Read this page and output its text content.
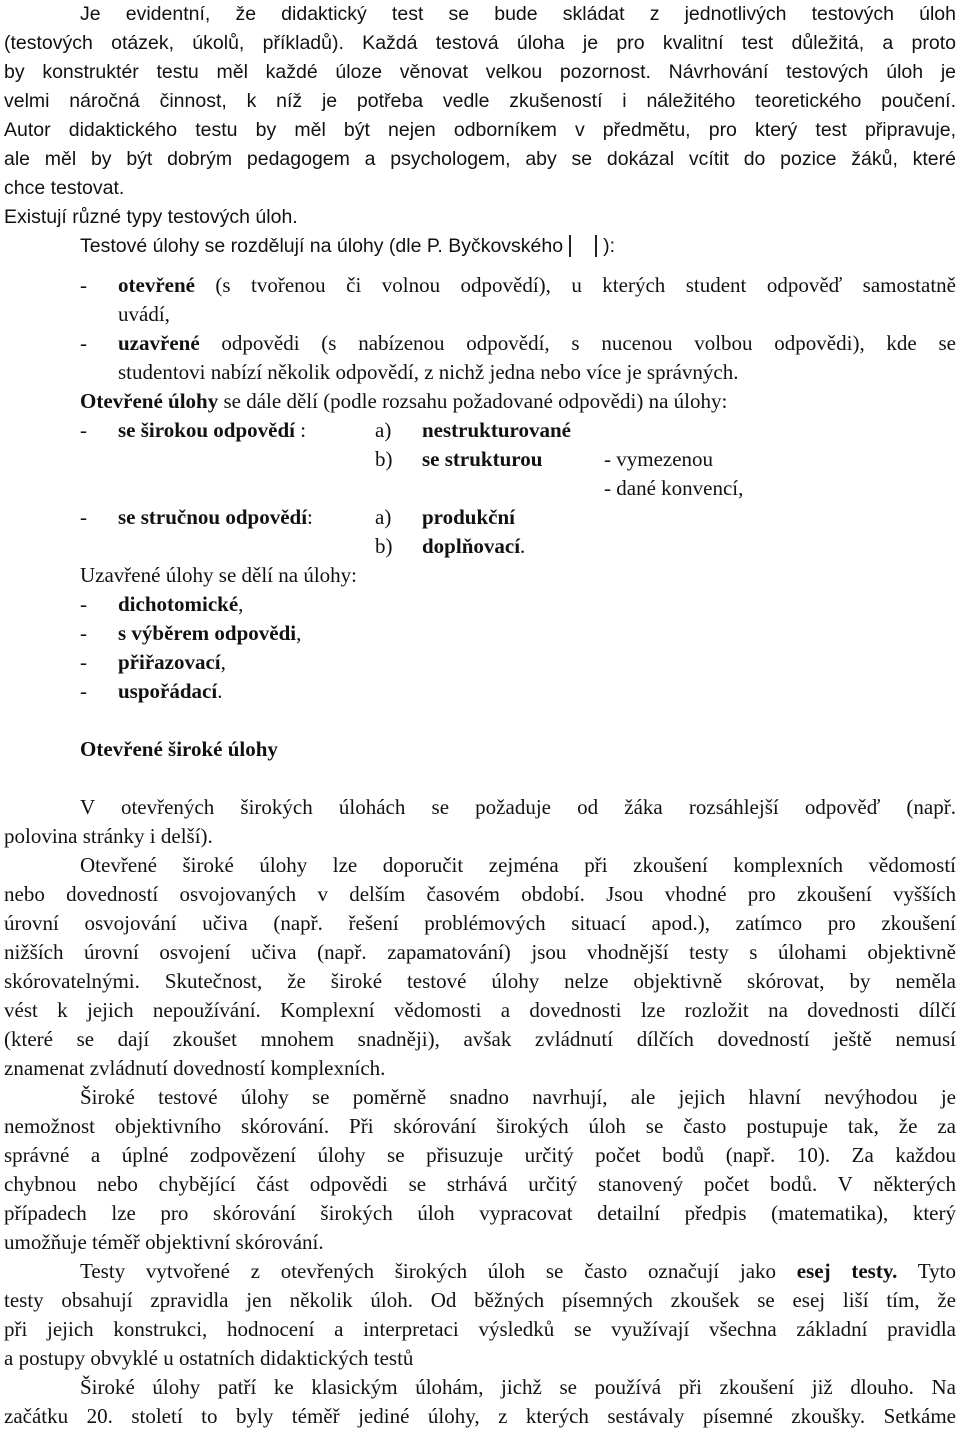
Je evidentní, že didaktický test se bude skládat z jednotlivých testových úloh
(testových otázek, úkolů, příkladů). Každá testová úloha je pro kvalitní test důležitá, a proto
by konstruktér testu měl každé úloze věnovat velkou pozornost. Návrhování testových úloh je
velmi náročná činnost, k níž je potřeba vedle zkušeností i náležitého teoretického poučení.
Autor didaktického testu by měl být nejen odborníkem v předmětu, pro který test připravuje,
ale měl by být dobrým pedagogem a psychologem, aby se dokázal vcítit do pozice žáků, které
chce testovat.
Existují různé typy testových úloh.
Testové úlohy se rozdělují na úlohy (dle P. Byčkovského ):
- otevřené (s tvořenou či volnou odpovědí), u kterých student odpověď samostatně
uvádí,
- uzavřené odpovědi (s nabízenou odpovědí, s nucenou volbou odpovědi), kde se
studentovi nabízí několik odpovědí, z nichž jedna nebo více je správných.
Otevřené úlohy se dále dělí (podle rozsahu požadované odpovědi) na úlohy:
- se širokou odpovědí :	a) nestrukturované
b) se strukturou	- vymezenou
- dané konvencí,
- se stručnou odpovědí:	a) produkční
b) doplňovací.
Uzavřené úlohy se dělí na úlohy:
- dichotomické,
- s výběrem odpovědi,
- přiřazovací,
- uspořádací.
Otevřené široké úlohy
V otevřených širokých úlohách se požaduje od žáka rozsáhlejší odpověď (např.
polovina stránky i delší).
Otevřené široké úlohy lze doporučit zejména při zkoušení komplexních vědomostí
nebo dovedností osvojovaných v delším časovém období. Jsou vhodné pro zkoušení vyšších
úrovní osvojování učiva (např. řešení problémových situací apod.), zatímco pro zkoušení
nižších úrovní osvojení učiva (např. zapamatování) jsou vhodnější testy s úlohami objektivně
skórovatelnými. Skutečnost, že široké testové úlohy nelze objektivně skórovat, by neměla
vést k jejich nepoužívání. Komplexní vědomosti a dovednosti lze rozložit na dovednosti dílčí
(které se dají zkoušet mnohem snadněji), avšak zvládnutí dílčích dovedností ještě nemusí
znamenat zvládnutí dovedností komplexních.
Široké testové úlohy se poměrně snadno navrhují, ale jejich hlavní nevýhodou je
nemožnost objektivního skórování. Při skórování širokých úloh se často postupuje tak, že za
správné a úplné zodpovězení úlohy se přisuzuje určitý počet bodů (např. 10). Za každou
chybnou nebo chybějící část odpovědi se strhává určitý stanovený počet bodů. V některých
případech lze pro skórování širokých úloh vypracovat detailní předpis (matematika), který
umožňuje téměř objektivní skórování.
Testy vytvořené z otevřených širokých úloh se často označují jako esej testy. Tyto
testy obsahují zpravidla jen několik úloh. Od běžných písemných zkoušek se esej liší tím, že
při jejich konstrukci, hodnocení a interpretaci výsledků se využívají všechna základní pravidla
a postupy obvyklé u ostatních didaktických testů
Široké úlohy patří ke klasickým úlohám, jichž se používá při zkoušení již dlouho. Na
začátku 20. století to byly téměř jediné úlohy, z kterých sestávaly písemné zkoušky. Setkáme
